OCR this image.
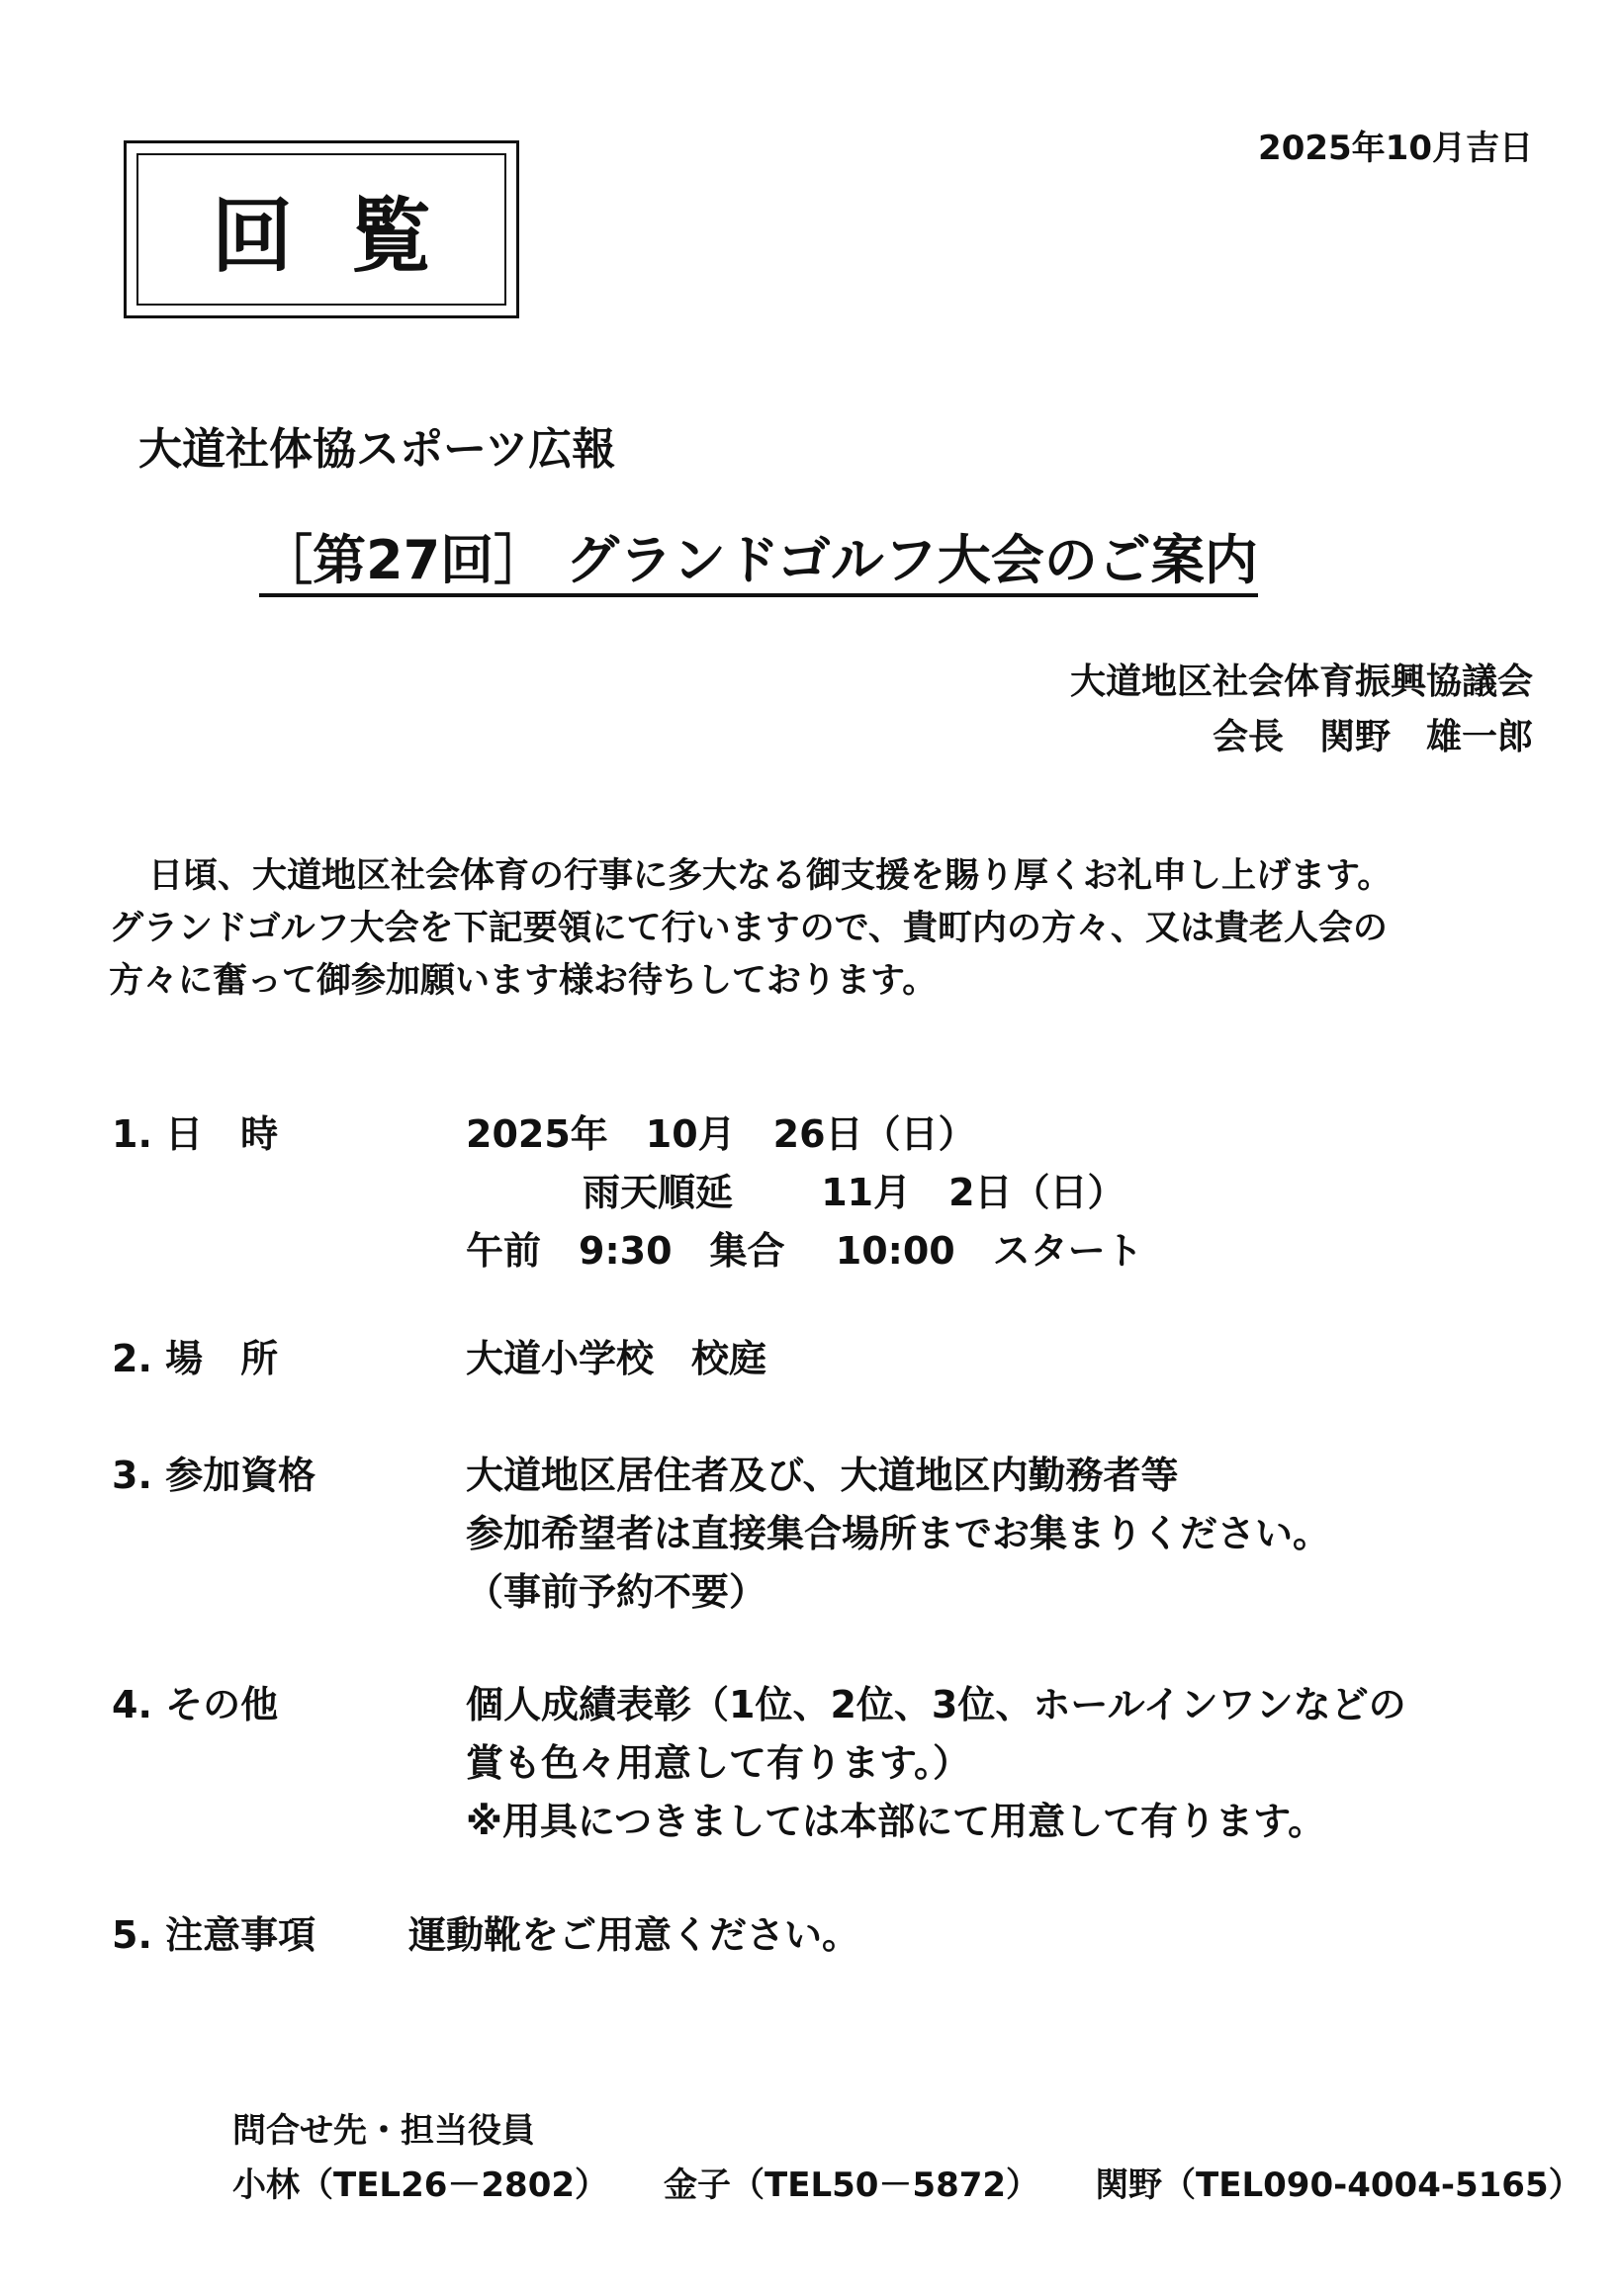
2025年10月吉日
回覧
大道社体協スポーツ広報
［第27回］ グランドゴルフ大会のご案内
大道地区社会体育振興協議会
会長　関野　雄一郎
日頃、大道地区社会体育の行事に多大なる御支援を賜り厚くお礼申し上げます。
グランドゴルフ大会を下記要領にて行いますので、貴町内の方々、又は貴老人会の
方々に奮って御参加願います様お待ちしております。
1. 日　時	2025年　10月　26日（日）
雨天順延　　 11月　2日（日）
午前　9:30　集合　 10:00　スタート
2. 場　所	大道小学校　校庭
3. 参加資格	大道地区居住者及び、大道地区内勤務者等
参加希望者は直接集合場所までお集まりください。
（事前予約不要）
4. その他	個人成績表彰（1位、2位、3位、ホールインワンなどの
賞も色々用意して有ります。）
※用具につきましては本部にて用意して有ります。
5. 注意事項 運動靴をご用意ください。
問合せ先・担当役員
小林（TEL26－2802） 金子（TEL50－5872） 関野（TEL090-4004-5165）
